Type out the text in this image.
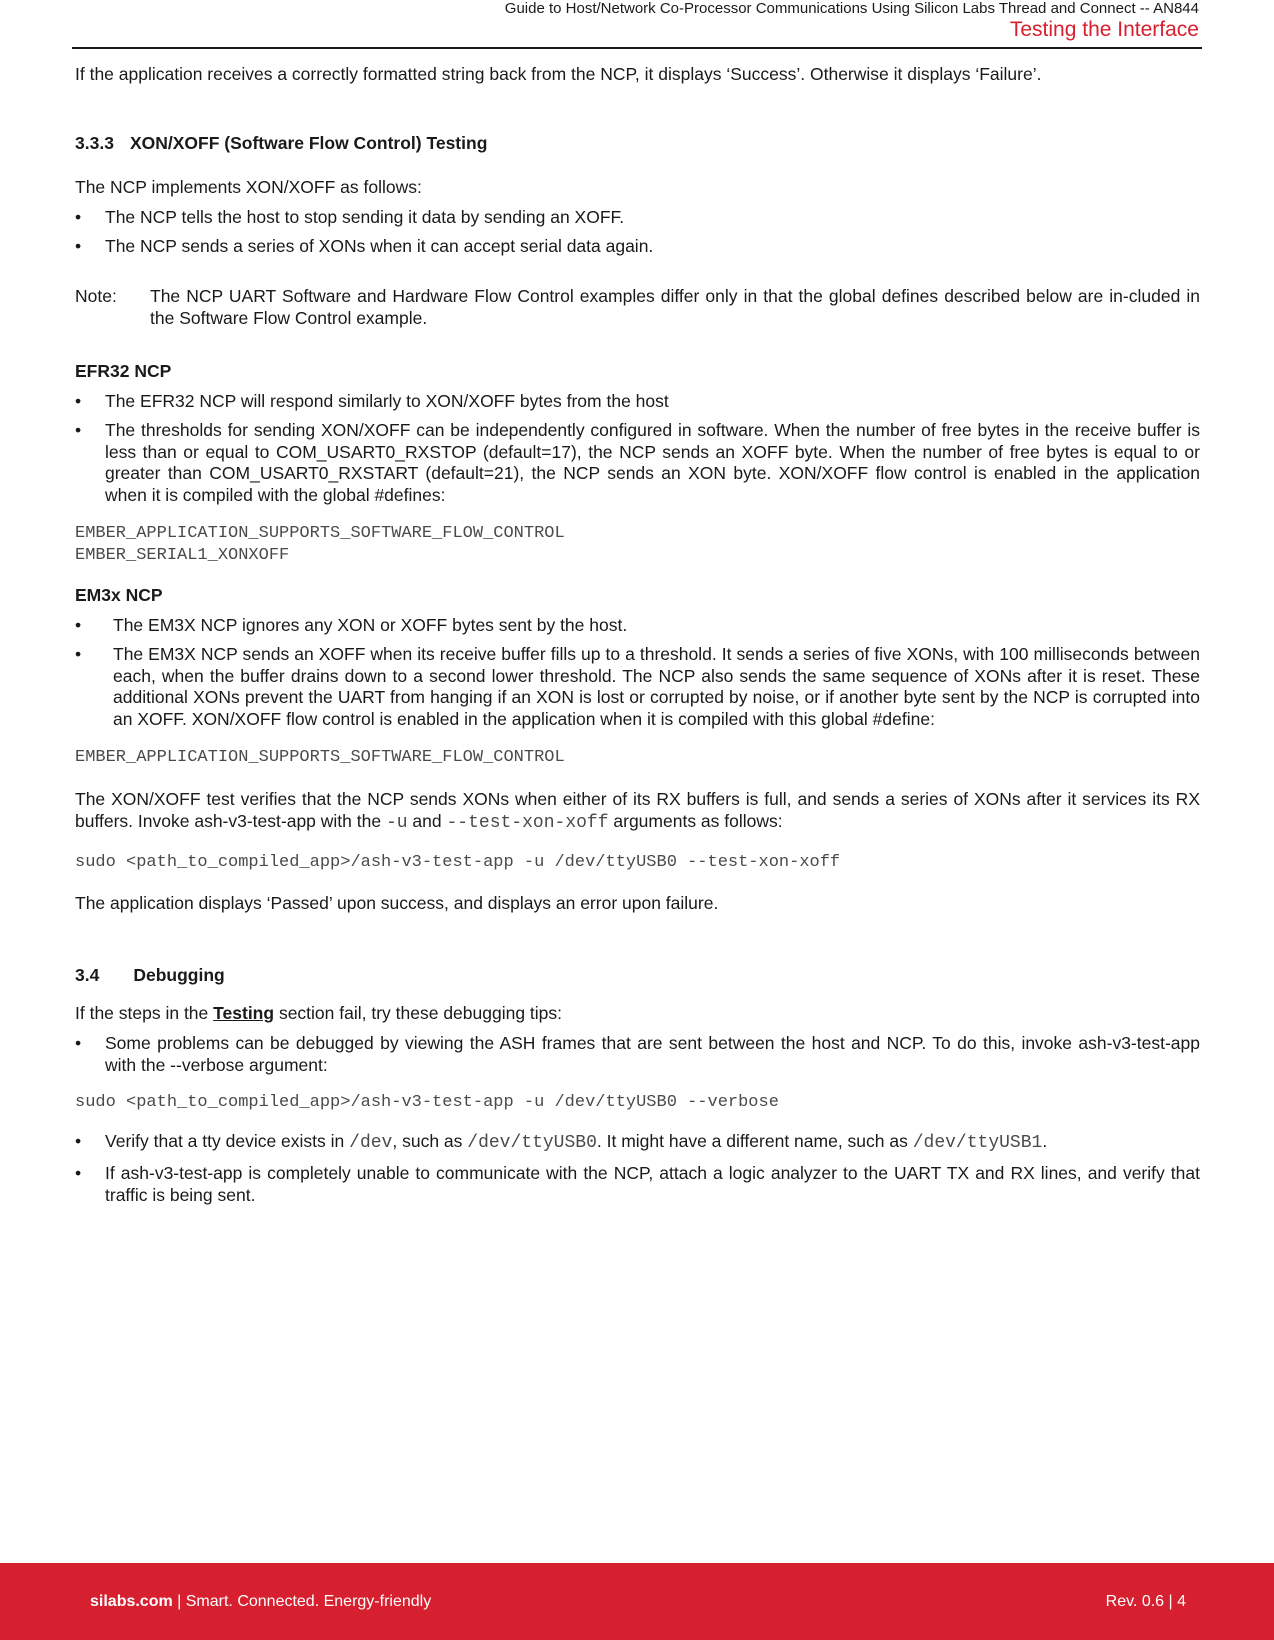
Guide to Host/Network Co-Processor Communications Using Silicon Labs Thread and Connect -- AN844
Testing the Interface
If the application receives a correctly formatted string back from the NCP, it displays ‘Success’. Otherwise it displays ‘Failure’.
3.3.3 XON/XOFF (Software Flow Control) Testing
The NCP implements XON/XOFF as follows:
• The NCP tells the host to stop sending it data by sending an XOFF.
• The NCP sends a series of XONs when it can accept serial data again.
Note: The NCP UART Software and Hardware Flow Control examples differ only in that the global defines described below are in-cluded in the Software Flow Control example.
EFR32 NCP
• The EFR32 NCP will respond similarly to XON/XOFF bytes from the host
• The thresholds for sending XON/XOFF can be independently configured in software. When the number of free bytes in the receive buffer is less than or equal to COM_USART0_RXSTOP (default=17), the NCP sends an XOFF byte. When the number of free bytes is equal to or greater than COM_USART0_RXSTART (default=21), the NCP sends an XON byte. XON/XOFF flow control is enabled in the application when it is compiled with the global #defines:
EMBER_APPLICATION_SUPPORTS_SOFTWARE_FLOW_CONTROL
EMBER_SERIAL1_XONXOFF
EM3x NCP
• The EM3X NCP ignores any XON or XOFF bytes sent by the host.
• The EM3X NCP sends an XOFF when its receive buffer fills up to a threshold. It sends a series of five XONs, with 100 milliseconds between each, when the buffer drains down to a second lower threshold. The NCP also sends the same sequence of XONs after it is reset. These additional XONs prevent the UART from hanging if an XON is lost or corrupted by noise, or if another byte sent by the NCP is corrupted into an XOFF. XON/XOFF flow control is enabled in the application when it is compiled with this global #define:
EMBER_APPLICATION_SUPPORTS_SOFTWARE_FLOW_CONTROL
The XON/XOFF test verifies that the NCP sends XONs when either of its RX buffers is full, and sends a series of XONs after it services its RX buffers. Invoke ash-v3-test-app with the -u and --test-xon-xoff arguments as follows:
sudo <path_to_compiled_app>/ash-v3-test-app -u /dev/ttyUSB0 --test-xon-xoff
The application displays ‘Passed’ upon success, and displays an error upon failure.
3.4 Debugging
If the steps in the Testing section fail, try these debugging tips:
• Some problems can be debugged by viewing the ASH frames that are sent between the host and NCP. To do this, invoke ash-v3-test-app with the --verbose argument:
sudo <path_to_compiled_app>/ash-v3-test-app -u /dev/ttyUSB0 --verbose
• Verify that a tty device exists in /dev, such as /dev/ttyUSB0. It might have a different name, such as /dev/ttyUSB1.
• If ash-v3-test-app is completely unable to communicate with the NCP, attach a logic analyzer to the UART TX and RX lines, and verify that traffic is being sent.
silabs.com | Smart. Connected. Energy-friendly	Rev. 0.6 | 4
